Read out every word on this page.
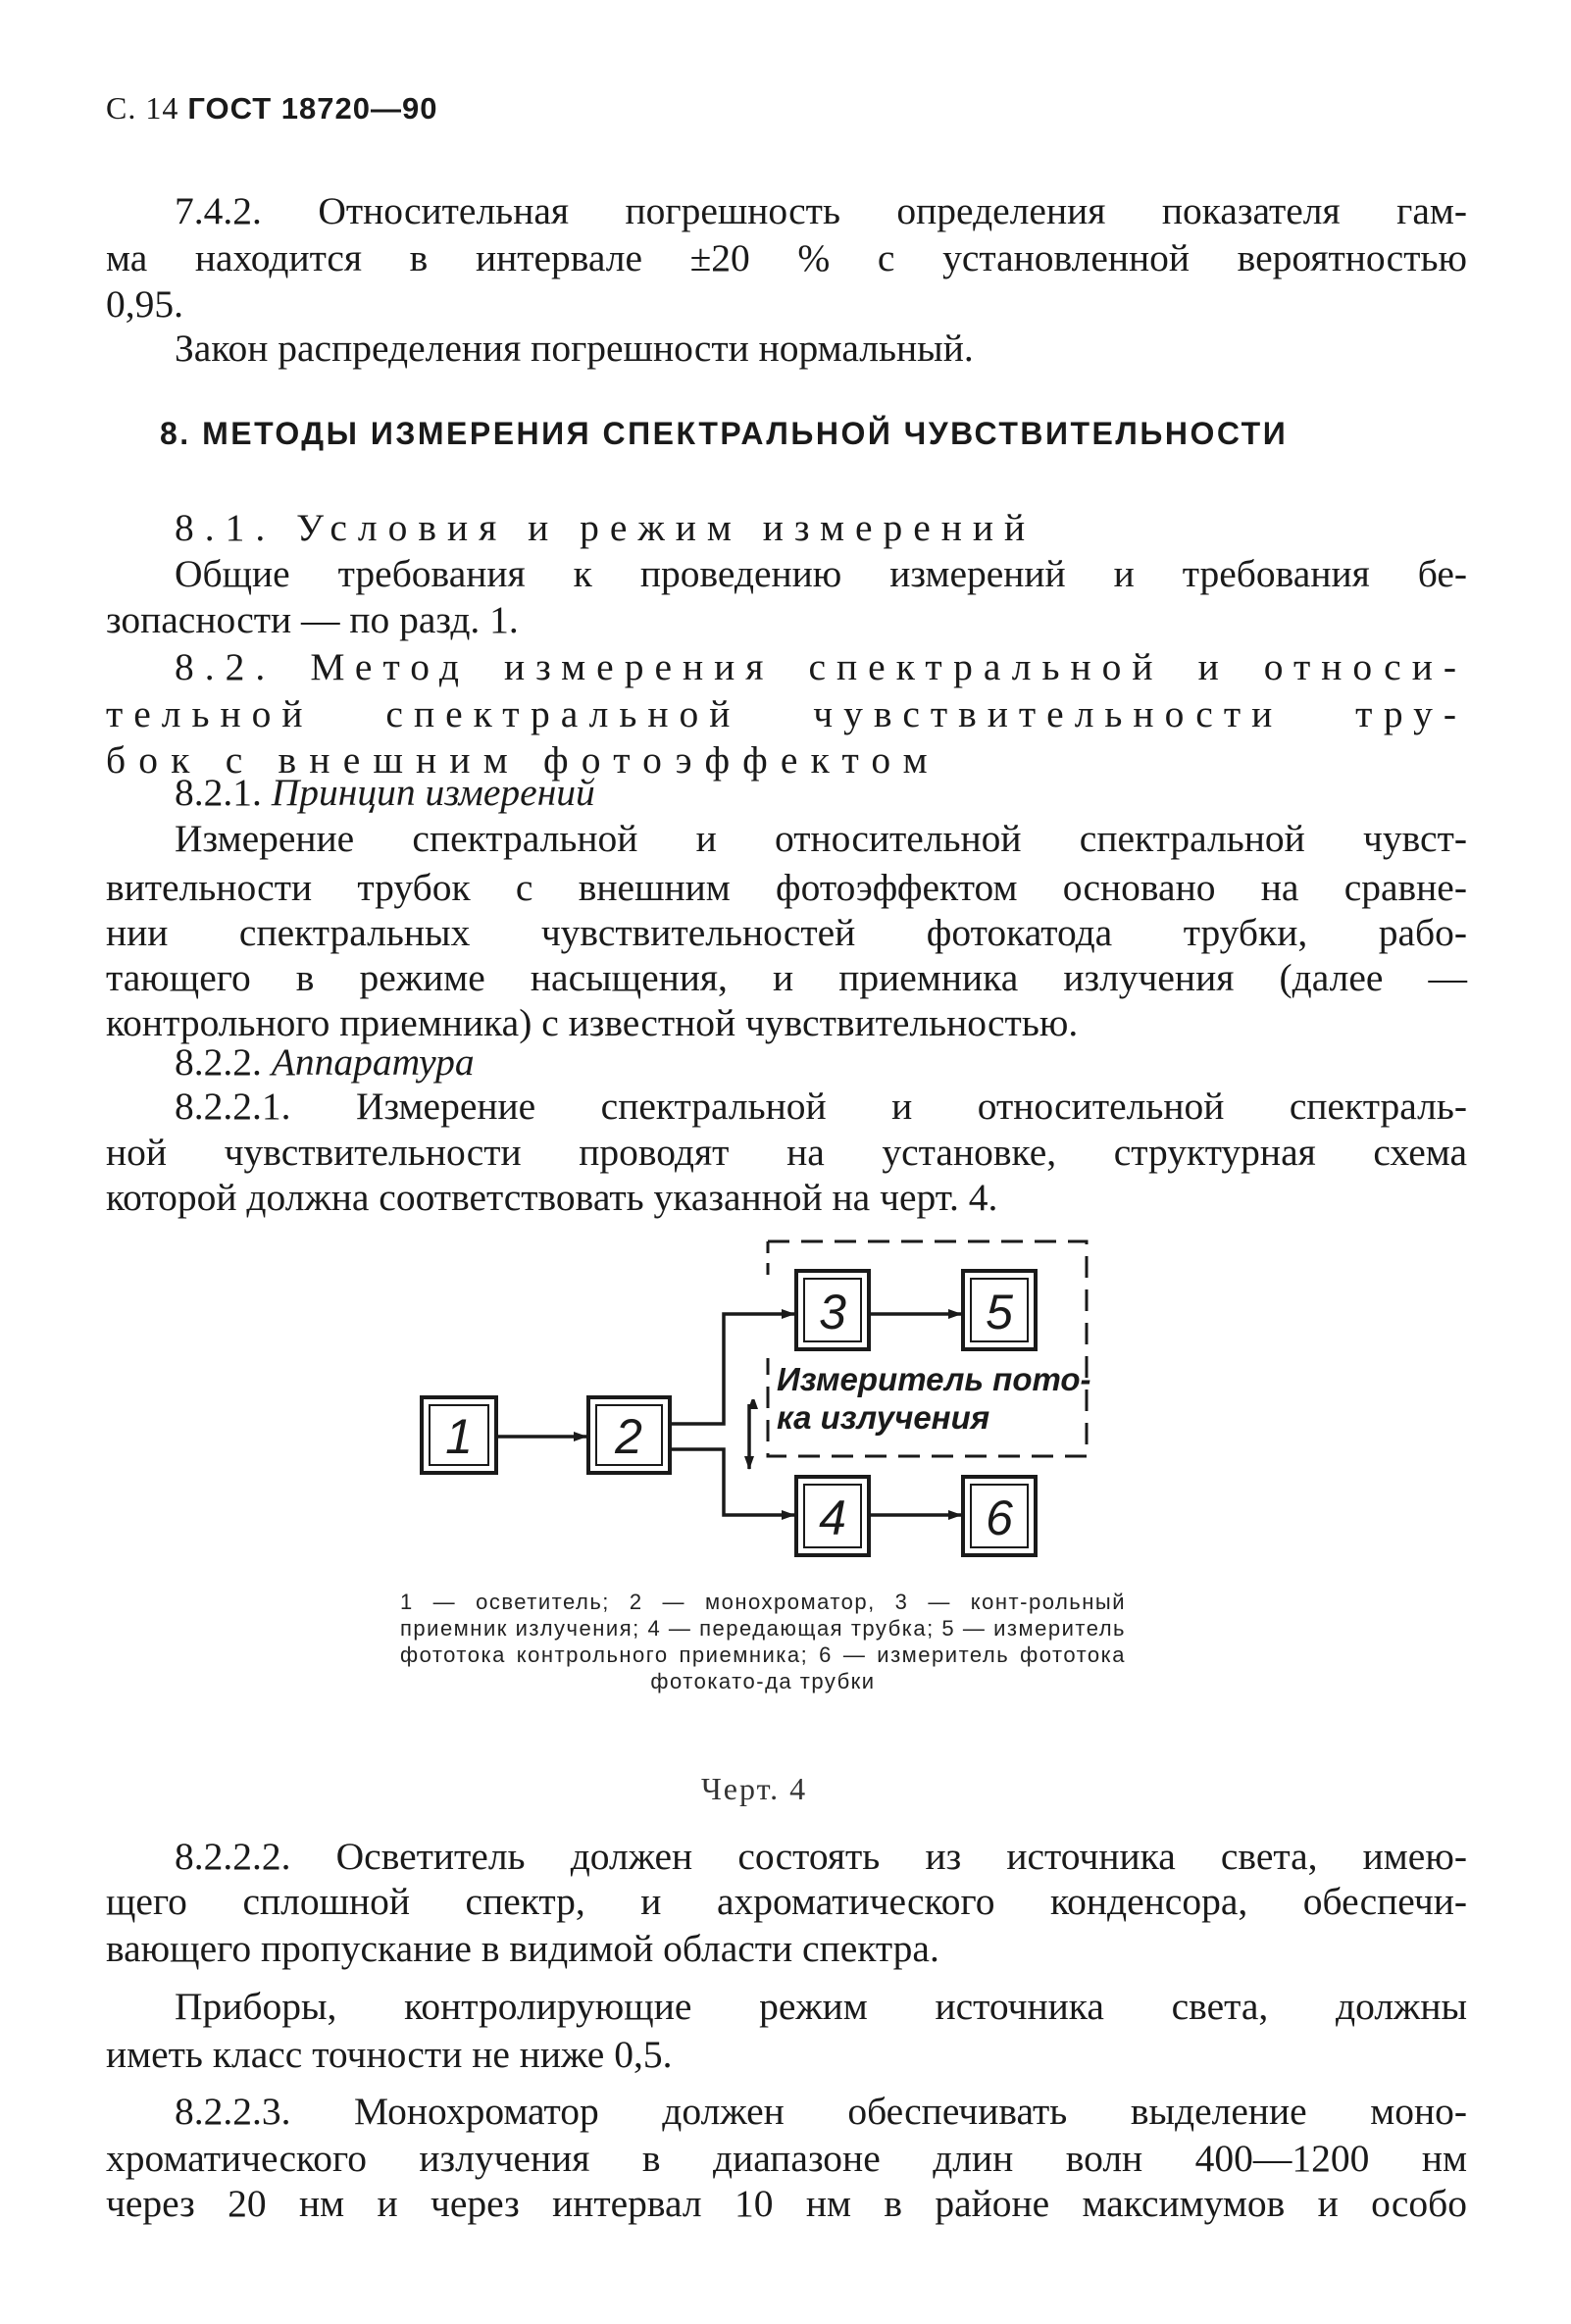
С. 14 ГОСТ 18720—90
7.4.2. Относительная погрешность определения показателя гам-
ма находится в интервале ±20 % с установленной вероятностью
0,95.
Закон распределения погрешности нормальный.
8. МЕТОДЫ ИЗМЕРЕНИЯ СПЕКТРАЛЬНОЙ ЧУВСТВИТЕЛЬНОСТИ
8.1. Условия и режим измерений
Общие требования к проведению измерений и требования бе-
зопасности — по разд. 1.
8.2. Метод измерения спектральной и относи-
тельной спектральной чувствительности тру-
бок с внешним фотоэффектом
8.2.1. Принцип измерений
Измерение спектральной и относительной спектральной чувст-
вительности трубок с внешним фотоэффектом основано на сравне-
нии спектральных чувствительностей фотокатода трубки, рабо-
тающего в режиме насыщения, и приемника излучения (далее —
контрольного приемника) с известной чувствительностью.
8.2.2. Аппаратура
8.2.2.1. Измерение спектральной и относительной спектраль-
ной чувствительности проводят на установке, структурная схема
которой должна соответствовать указанной на черт. 4.
1	2
3	5
4	6
Измеритель пото-
ка излучения
1 — осветитель; 2 — монохроматор, 3 — конт-рольный приемник излучения; 4 — передающая трубка; 5 — измеритель фототока контрольного приемника; 6 — измеритель фототока фотокато-да трубки
Черт. 4
8.2.2.2. Осветитель должен состоять из источника света, имею-
щего сплошной спектр, и ахроматического конденсора, обеспечи-
вающего пропускание в видимой области спектра.
Приборы, контролирующие режим источника света, должны
иметь класс точности не ниже 0,5.
8.2.2.3. Монохроматор должен обеспечивать выделение моно-
хроматического излучения в диапазоне длин волн 400—1200 нм
через 20 нм и через интервал 10 нм в районе максимумов и особо
